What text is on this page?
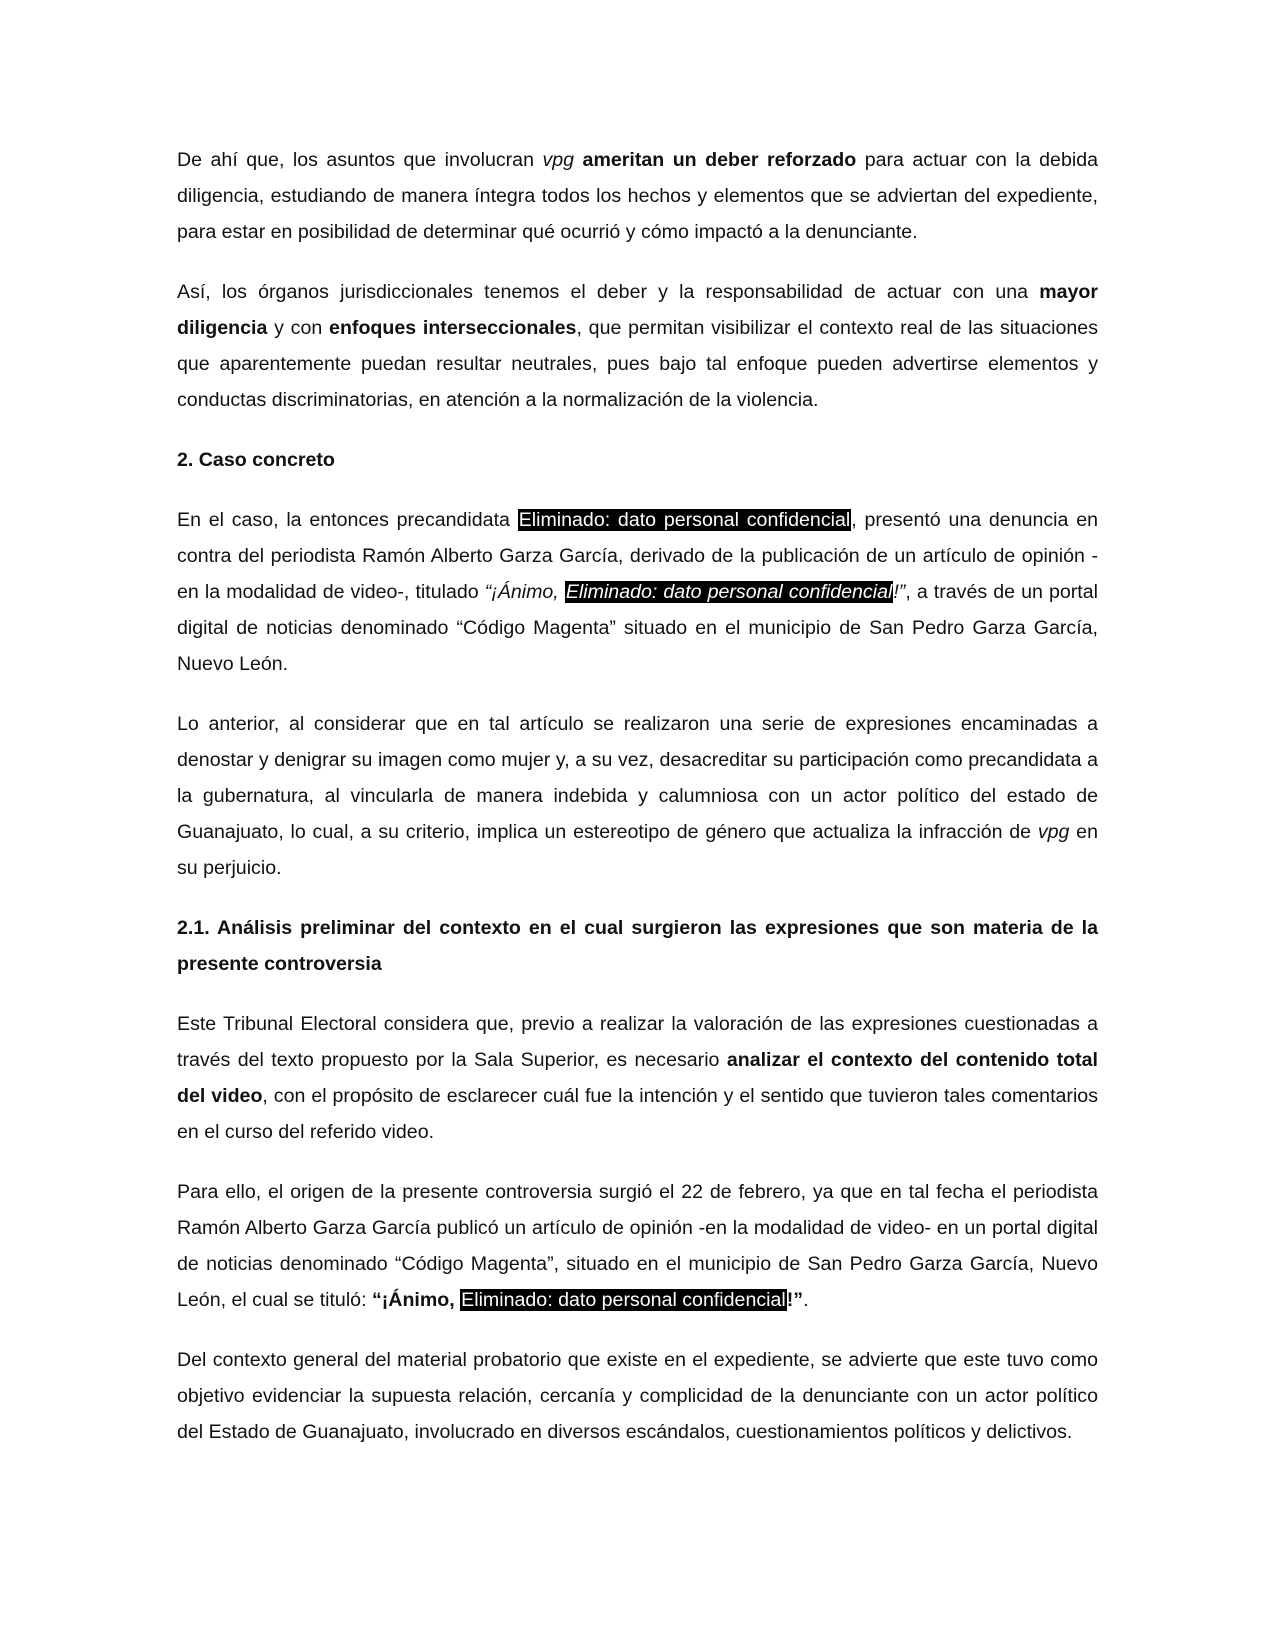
De ahí que, los asuntos que involucran vpg ameritan un deber reforzado para actuar con la debida diligencia, estudiando de manera íntegra todos los hechos y elementos que se adviertan del expediente, para estar en posibilidad de determinar qué ocurrió y cómo impactó a la denunciante.

Así, los órganos jurisdiccionales tenemos el deber y la responsabilidad de actuar con una mayor diligencia y con enfoques interseccionales, que permitan visibilizar el contexto real de las situaciones que aparentemente puedan resultar neutrales, pues bajo tal enfoque pueden advertirse elementos y conductas discriminatorias, en atención a la normalización de la violencia.

2. Caso concreto

En el caso, la entonces precandidata Eliminado: dato personal confidencial, presentó una denuncia en contra del periodista Ramón Alberto Garza García, derivado de la publicación de un artículo de opinión -en la modalidad de video-, titulado “¡Ánimo, Eliminado: dato personal confidencial!”, a través de un portal digital de noticias denominado “Código Magenta” situado en el municipio de San Pedro Garza García, Nuevo León.

Lo anterior, al considerar que en tal artículo se realizaron una serie de expresiones encaminadas a denostar y denigrar su imagen como mujer y, a su vez, desacreditar su participación como precandidata a la gubernatura, al vincularla de manera indebida y calumniosa con un actor político del estado de Guanajuato, lo cual, a su criterio, implica un estereotipo de género que actualiza la infracción de vpg en su perjuicio.

2.1. Análisis preliminar del contexto en el cual surgieron las expresiones que son materia de la presente controversia

Este Tribunal Electoral considera que, previo a realizar la valoración de las expresiones cuestionadas a través del texto propuesto por la Sala Superior, es necesario analizar el contexto del contenido total del video, con el propósito de esclarecer cuál fue la intención y el sentido que tuvieron tales comentarios en el curso del referido video.

Para ello, el origen de la presente controversia surgió el 22 de febrero, ya que en tal fecha el periodista Ramón Alberto Garza García publicó un artículo de opinión -en la modalidad de video- en un portal digital de noticias denominado “Código Magenta”, situado en el municipio de San Pedro Garza García, Nuevo León, el cual se tituló: “¡Ánimo, Eliminado: dato personal confidencial!”.

Del contexto general del material probatorio que existe en el expediente, se advierte que este tuvo como objetivo evidenciar la supuesta relación, cercanía y complicidad de la denunciante con un actor político del Estado de Guanajuato, involucrado en diversos escándalos, cuestionamientos políticos y delictivos.
